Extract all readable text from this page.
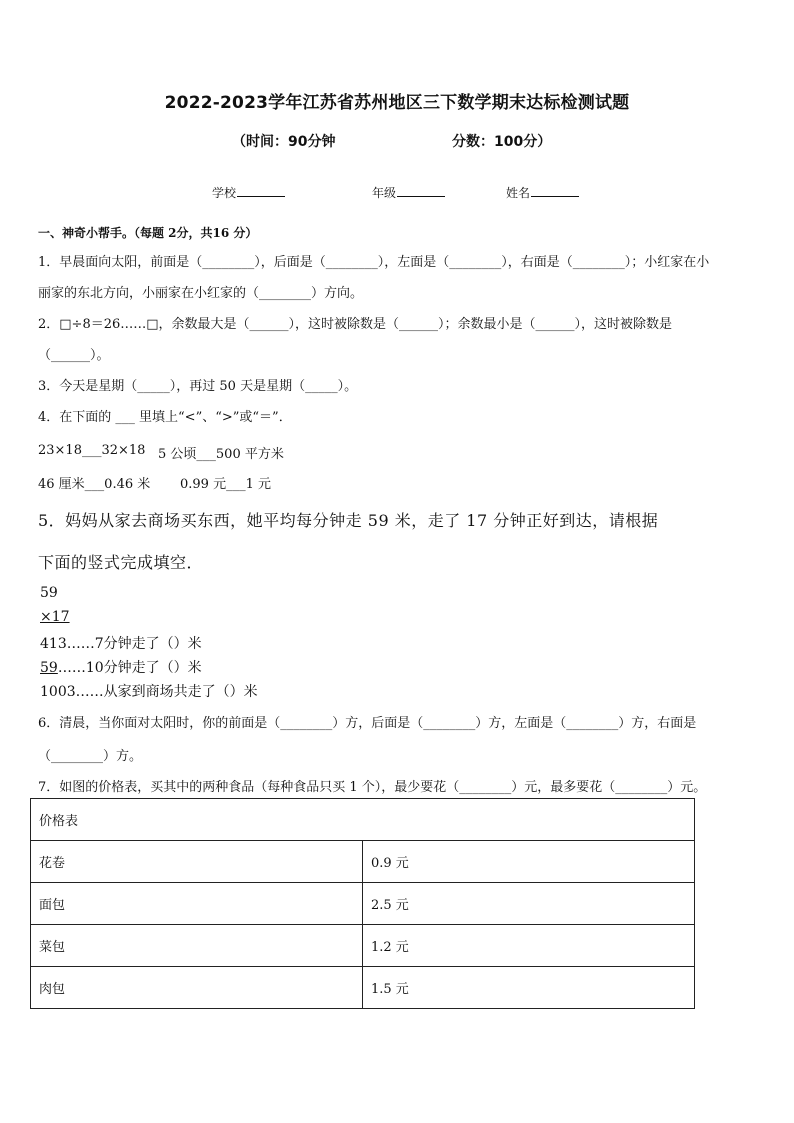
2022-2023学年江苏省苏州地区三下数学期末达标检测试题
（时间：90分钟	分数：100分）
学校	年级	姓名
一、神奇小帮手。（每题 2分，共16 分）
1．早晨面向太阳，前面是（________），后面是（________），左面是（________），右面是（________）；小红家在小
丽家的东北方向，小丽家在小红家的（________）方向。
2．□÷8＝26……□，余数最大是（______），这时被除数是（______）；余数最小是（______），这时被除数是
（______）。
3．今天是星期（_____），再过 50 天是星期（_____）。
4．在下面的 ___ 里填上“<”、“>”或“＝”．
23×18___32×18 5 公顷___500 平方米
46 厘米___0.46 米 0.99 元___1 元
5．妈妈从家去商场买东西，她平均每分钟走 59 米，走了 17 分钟正好到达，请根据
下面的竖式完成填空．
59
×17
413……7分钟走了（）米
59……10分钟走了（）米
1003……从家到商场共走了（）米
6．清晨，当你面对太阳时，你的前面是（________）方，后面是（________）方，左面是（________）方，右面是
（________）方。
7．如图的价格表，买其中的两种食品（每种食品只买 1 个），最少要花（________）元，最多要花（________）元。
价格表	
花卷	0.9 元
面包	2.5 元
菜包	1.2 元
肉包	1.5 元
